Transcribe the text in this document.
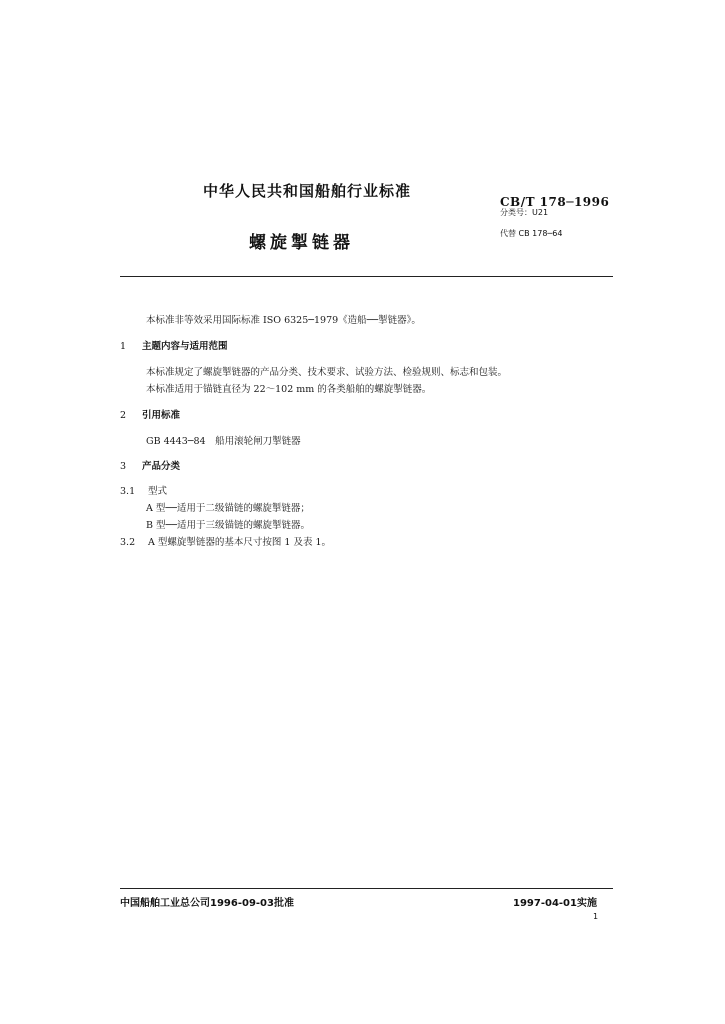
中华人民共和国船舶行业标准
螺旋掣链器
CB/T 178─1996
分类号：U21
代替 CB 178─64
本标准非等效采用国际标准 ISO 6325─1979《造船──掣链器》。
1 主题内容与适用范围
本标准规定了螺旋掣链器的产品分类、技术要求、试验方法、检验规则、标志和包装。
本标准适用于锚链直径为 22～102 mm 的各类船舶的螺旋掣链器。
2 引用标准
GB 4443─84　船用滚轮闸刀掣链器
3 产品分类
3.1 型式
A 型──适用于二级锚链的螺旋掣链器；
B 型──适用于三级锚链的螺旋掣链器。
3.2 A 型螺旋掣链器的基本尺寸按图 1 及表 1。
中国船舶工业总公司1996-09-03批准	1997-04-01实施
1
